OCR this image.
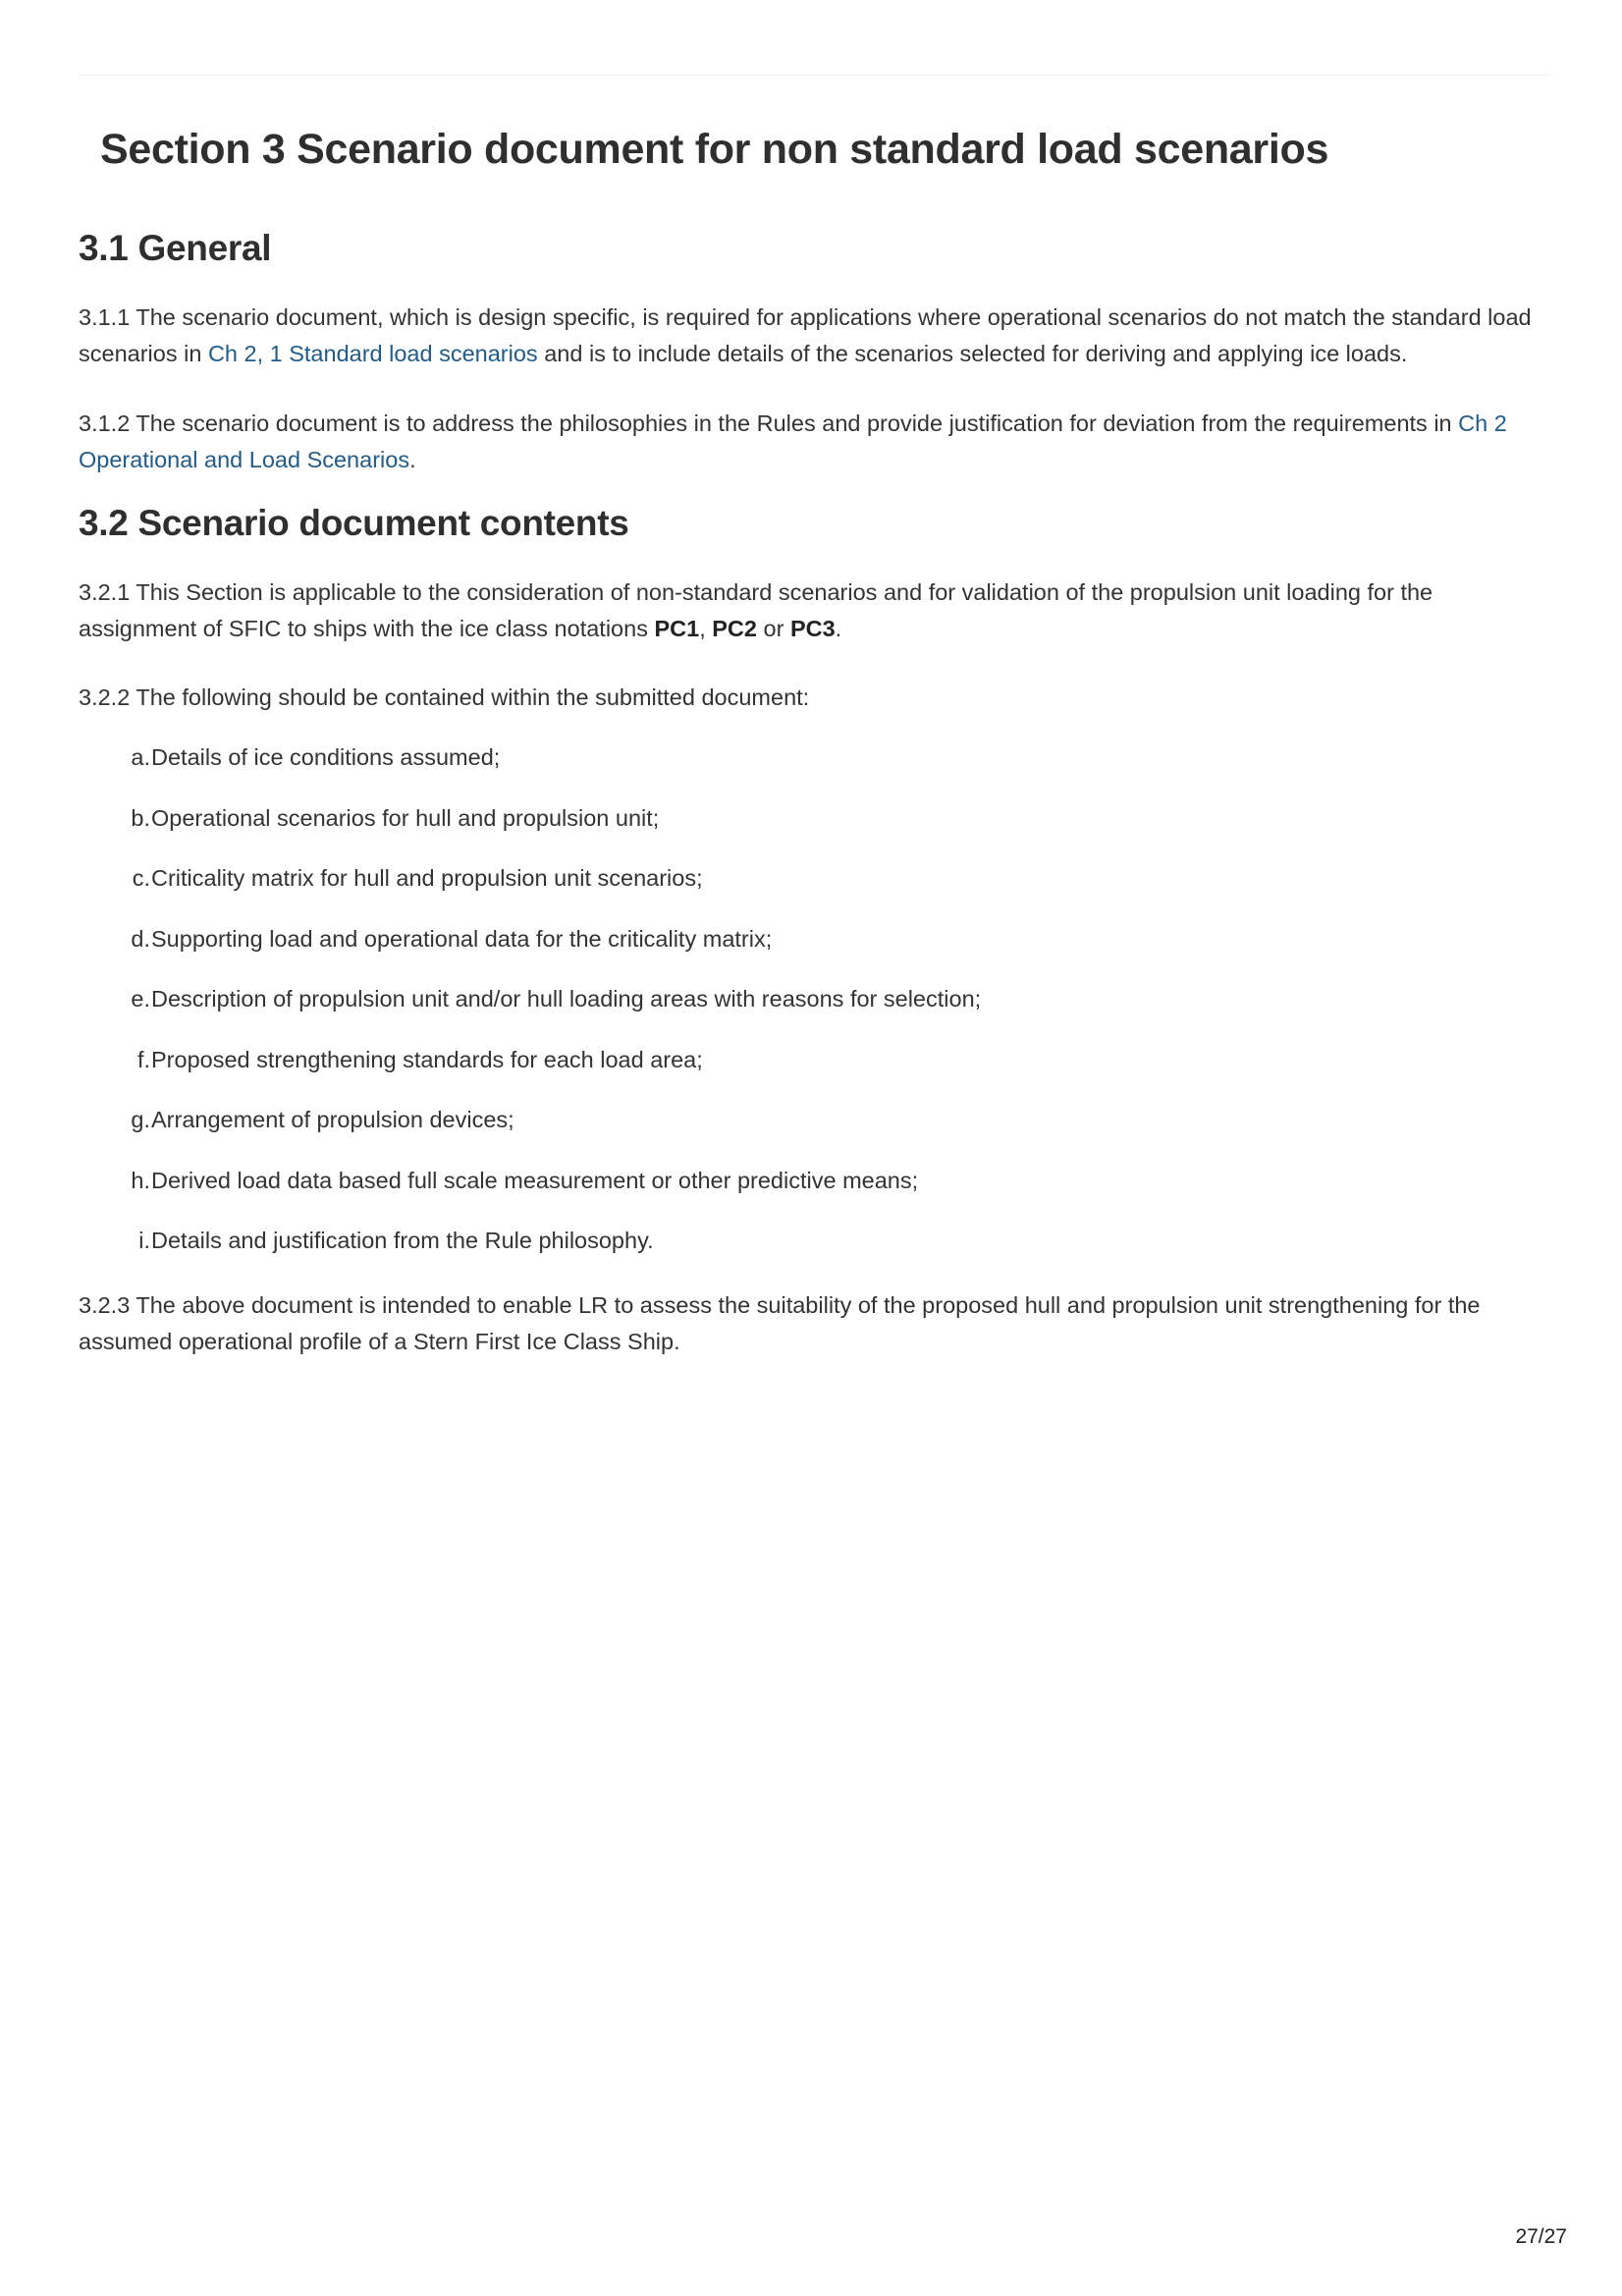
Section 3 Scenario document for non standard load scenarios
3.1 General

3.1.1 The scenario document, which is design specific, is required for applications where operational scenarios do not match the standard load scenarios in Ch 2, 1 Standard load scenarios and is to include details of the scenarios selected for deriving and applying ice loads.

3.1.2 The scenario document is to address the philosophies in the Rules and provide justification for deviation from the requirements in Ch 2 Operational and Load Scenarios.

3.2 Scenario document contents

3.2.1 This Section is applicable to the consideration of non-standard scenarios and for validation of the propulsion unit loading for the assignment of SFIC to ships with the ice class notations PC1, PC2 or PC3.

3.2.2 The following should be contained within the submitted document:

a.Details of ice conditions assumed;
b.Operational scenarios for hull and propulsion unit;
c.Criticality matrix for hull and propulsion unit scenarios;
d.Supporting load and operational data for the criticality matrix;
e.Description of propulsion unit and/or hull loading areas with reasons for selection;
f.Proposed strengthening standards for each load area;
g.Arrangement of propulsion devices;
h.Derived load data based full scale measurement or other predictive means;
i.Details and justification from the Rule philosophy.

3.2.3 The above document is intended to enable LR to assess the suitability of the proposed hull and propulsion unit strengthening for the assumed operational profile of a Stern First Ice Class Ship.

27/27
